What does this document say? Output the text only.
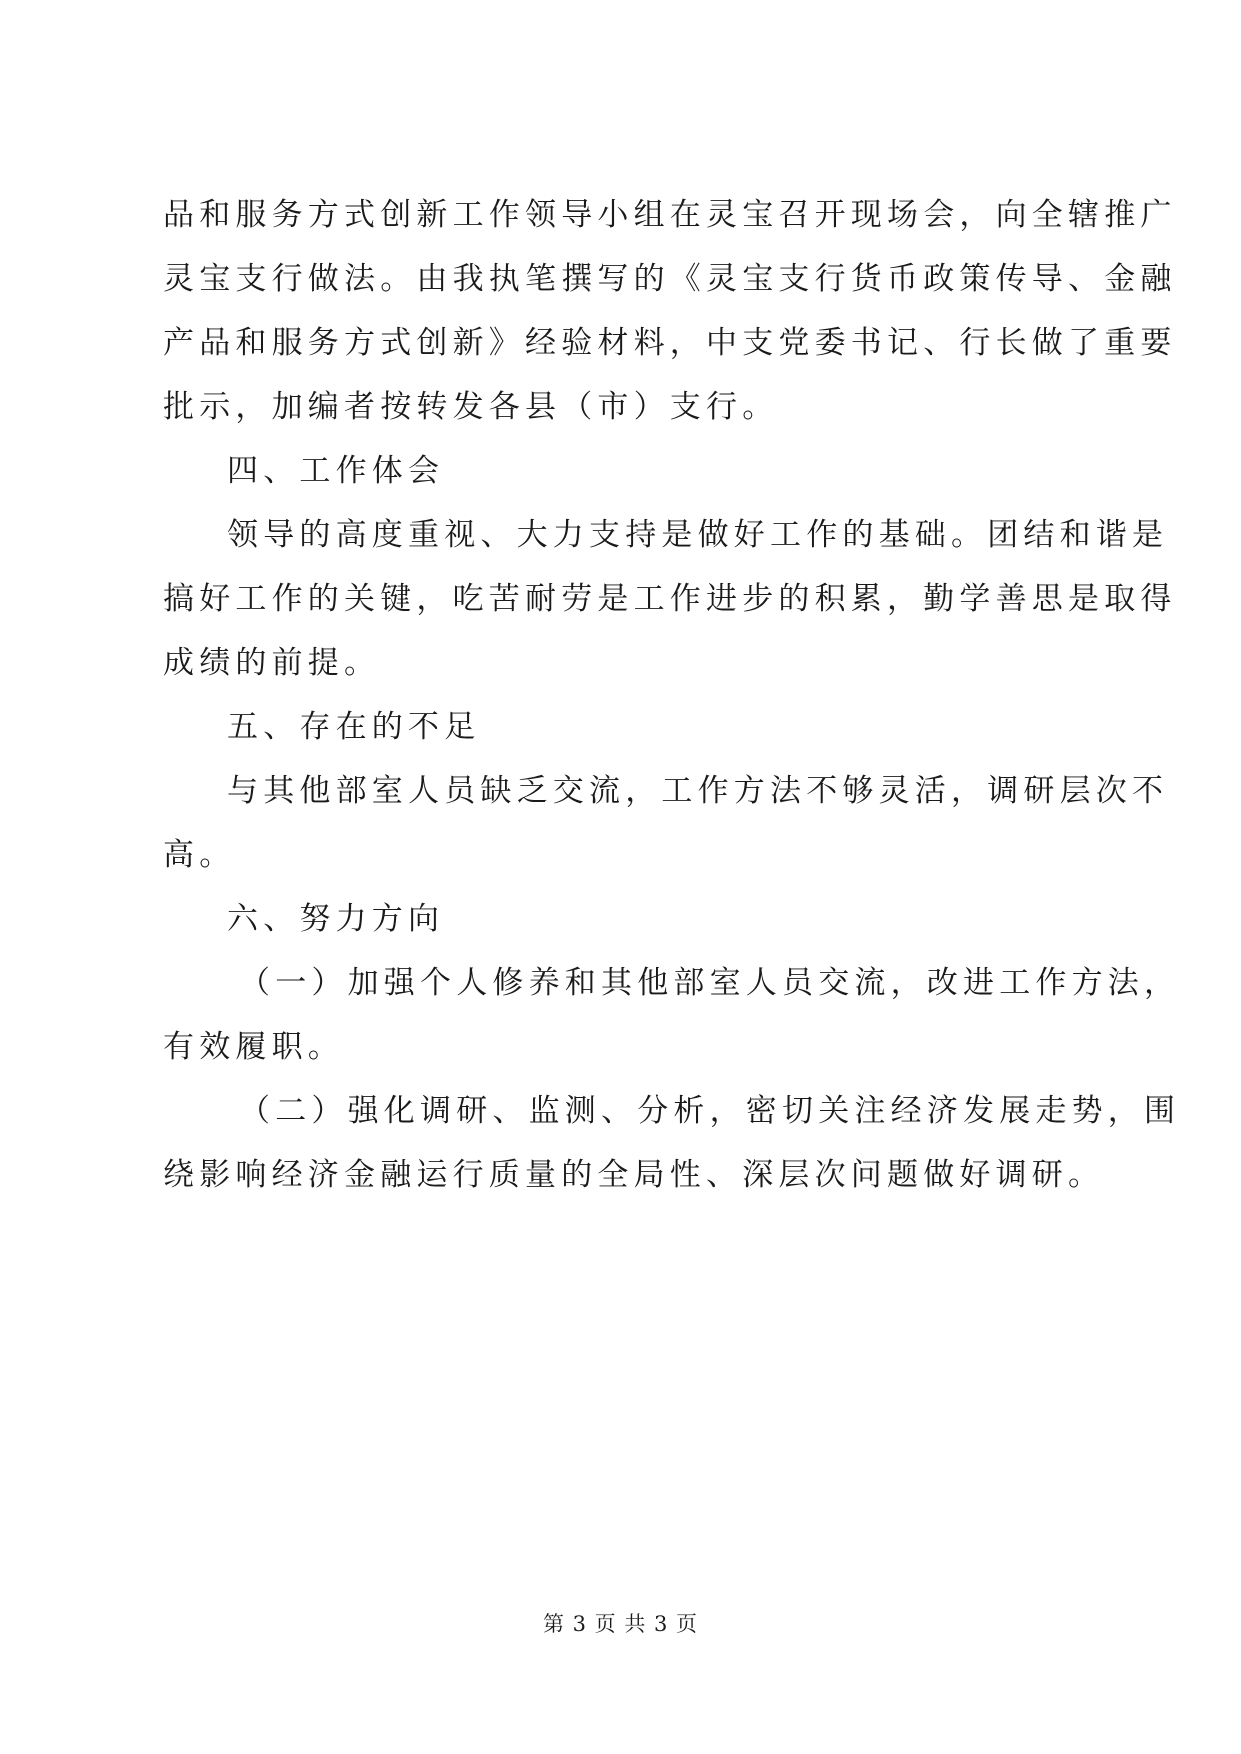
品和服务方式创新工作领导小组在灵宝召开现场会，向全辖推广
灵宝支行做法。由我执笔撰写的《灵宝支行货币政策传导、金融
产品和服务方式创新》经验材料，中支党委书记、行长做了重要
批示，加编者按转发各县（市）支行。
四、工作体会
领导的高度重视、大力支持是做好工作的基础。团结和谐是
搞好工作的关键，吃苦耐劳是工作进步的积累，勤学善思是取得
成绩的前提。
五、存在的不足
与其他部室人员缺乏交流，工作方法不够灵活，调研层次不
高。
六、努力方向
（一）加强个人修养和其他部室人员交流，改进工作方法，
有效履职。
（二）强化调研、监测、分析，密切关注经济发展走势，围
绕影响经济金融运行质量的全局性、深层次问题做好调研。
第 3 页 共 3 页
